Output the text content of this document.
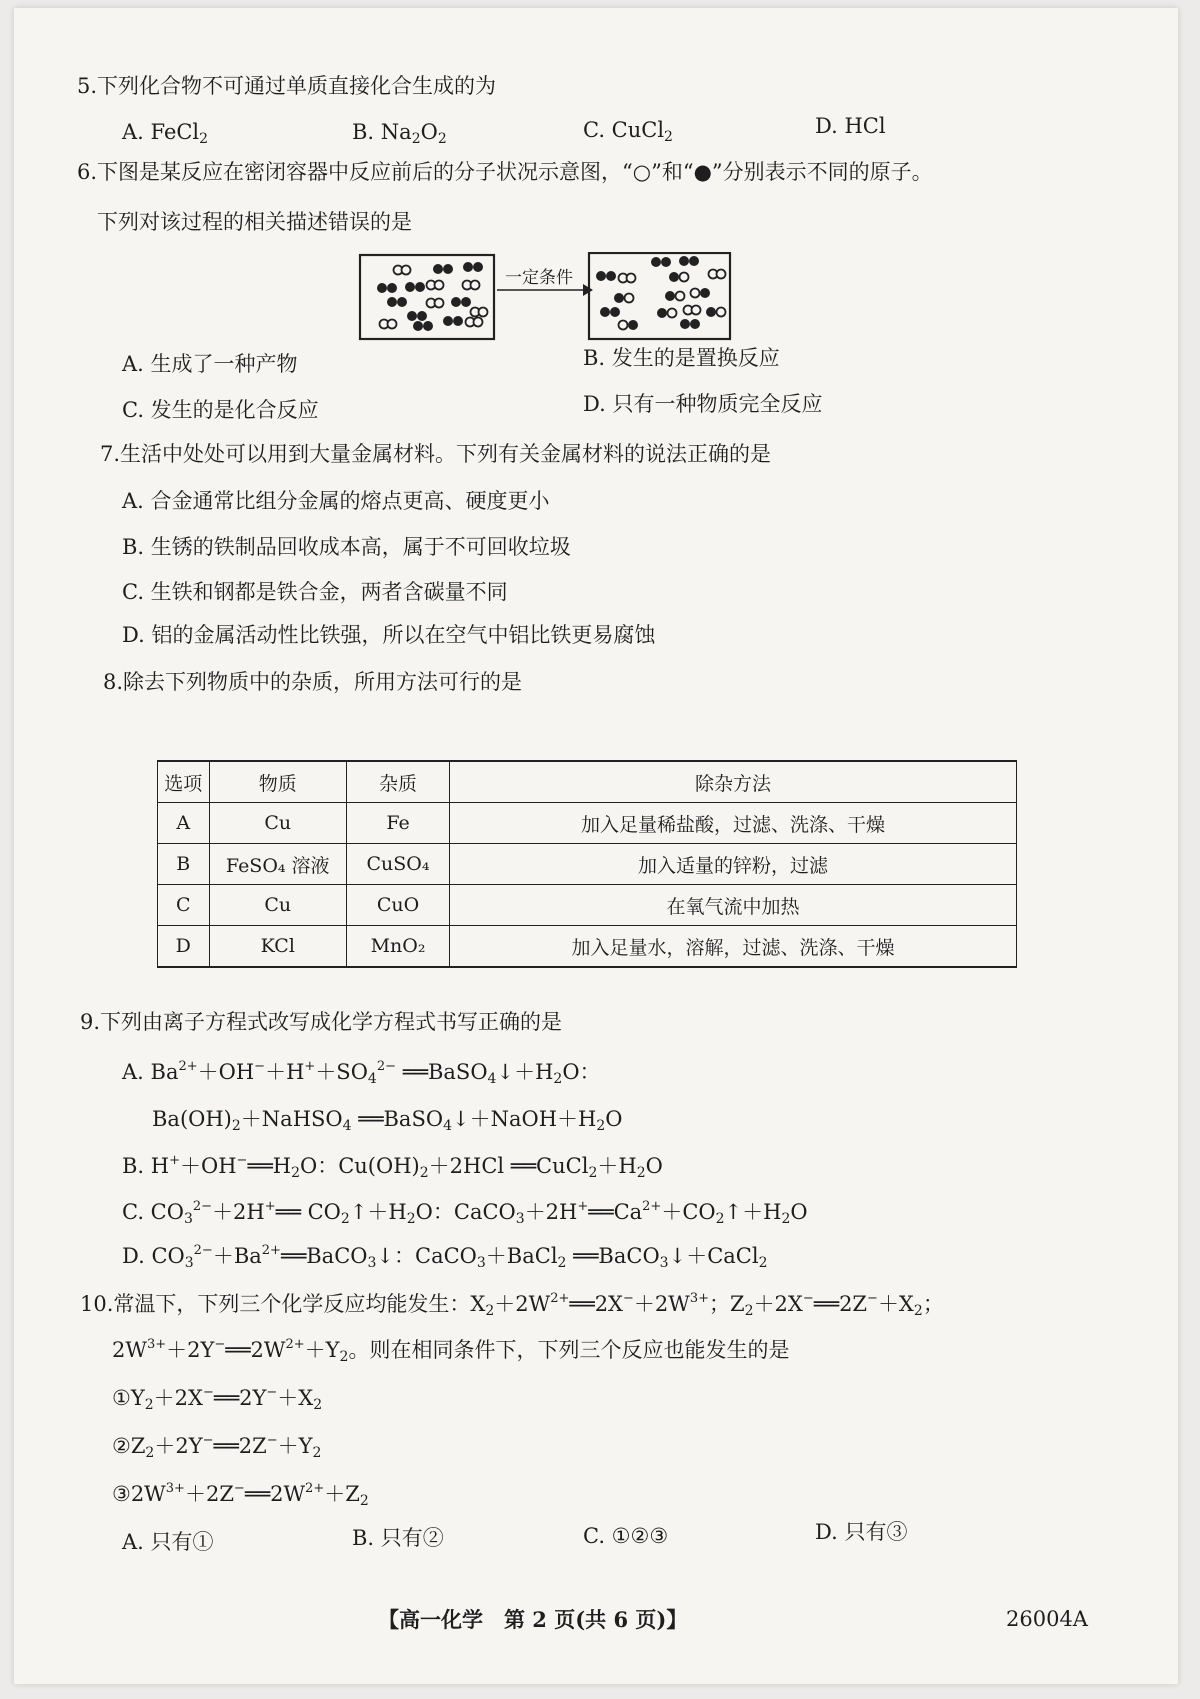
5.下列化合物不可通过单质直接化合生成的为
A. FeCl$_2$	B. $Na_2O_2$	C. CuCl$_2$	D. HCl
6.下图是某反应在密闭容器中反应前后的分子状况示意图，“○”和“●”分别表示不同的原子。
下列对该过程的相关描述错误的是
一定条件
A. 生成了一种产物	B. 发生的是置换反应
C. 发生的是化合反应	D. 只有一种物质完全反应
7.生活中处处可以用到大量金属材料。下列有关金属材料的说法正确的是
A. 合金通常比组分金属的熔点更高、硬度更小
B. 生锈的铁制品回收成本高，属于不可回收垃圾
C. 生铁和钢都是铁合金，两者含碳量不同
D. 铝的金属活动性比铁强，所以在空气中铝比铁更易腐蚀
8.除去下列物质中的杂质，所用方法可行的是
选项	物质	杂质	除杂方法
A	Cu	Fe	加入足量稀盐酸，过滤、洗涤、干燥
B	FeSO₄ 溶液	CuSO₄	加入适量的锌粉，过滤
C	Cu	CuO	在氧气流中加热
D	KCl	MnO₂	加入足量水，溶解，过滤、洗涤、干燥
9.下列由离子方程式改写成化学方程式书写正确的是
A. $Ba^{2+}+OH^-+H^++SO_4^{2-}$ $══BaSO_4↓+H_2O$：
$Ba(OH)_2+NaHSO_4$ $══BaSO_4↓+NaOH+H_2O$
B. $H^++OH^-══H_2O$：$Cu(OH)_2+2HCl$ $══CuCl_2+H_2O$
C. $CO_3^{2-}+2H^+══$ $CO_2↑+H_2O$：$CaCO_3+2H^+══Ca^{2+}+CO_2↑+H_2O$
D. $CO_3^{2-}+Ba^{2+}══BaCO_3↓$：CaCO$_3$＋BaCl$_2$ ══BaCO$_3$↓＋CaCl$_2$
10.常温下，下列三个化学反应均能发生：$X_2+2W^{2+}══2X^-+2W^{3+}$；$Z_2+2X^-══2Z^-+X_2$；
$2W^{3+}+2Y^-══2W^{2+}+Y_2$。则在相同条件下，下列三个反应也能发生的是
$①Y_2+2X^-══2Y^-+X_2$
$②Z_2+2Y^-══2Z^-+Y_2$
$③2W^{3+}+2Z^-══2W^{2+}+Z_2$
A. 只有①	B. 只有②	C. ①②③	D. 只有③
【高一化学　第 2 页(共 6 页)】	26004A
